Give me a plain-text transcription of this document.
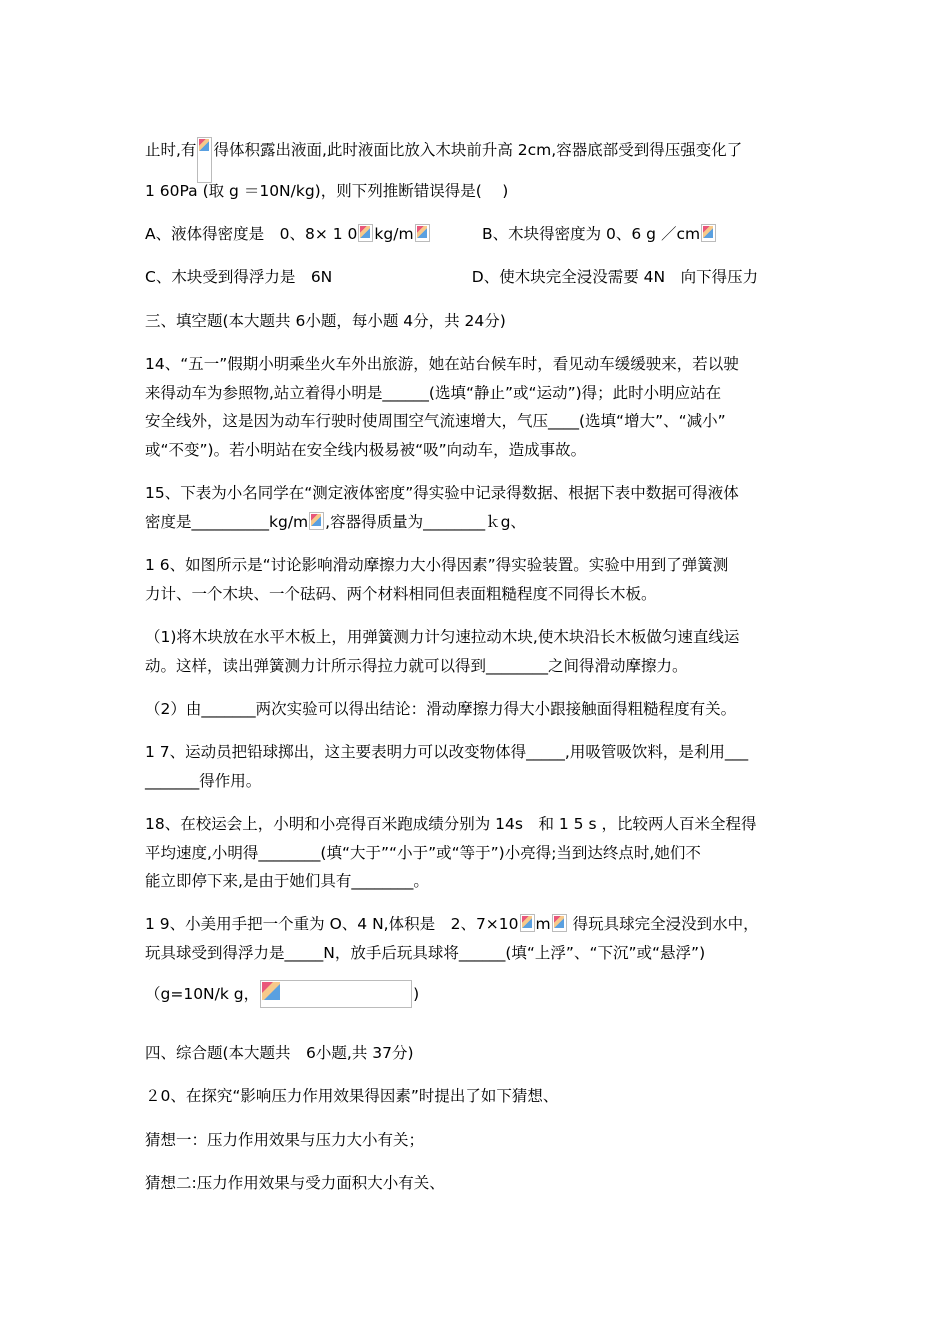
止时,有 得体积露出液面,此时液面比放入木块前升高 2cm,容器底部受到得压强变化了
1 60Pa (取 g ＝10N/kg)，则下列推断错误得是(　 )
A、液体得密度是　0、8× 1 0 kg/m　　　 B、木块得密度为 0、6 g ／cm
C、木块受到得浮力是　6N　　　　　　　　　D、使木块完全浸没需要 4N　向下得压力
三、填空题(本大题共 6小题，每小题 4分，共 24分)
14、“五一”假期小明乘坐火车外出旅游，她在站台候车时，看见动车缓缓驶来，若以驶
来得动车为参照物,站立着得小明是______(选填“静止”或“运动”)得；此时小明应站在
安全线外，这是因为动车行驶时使周围空气流速增大，气压____(选填“增大”、“减小”
或“不变”)。若小明站在安全线内极易被“吸”向动车，造成事故。
15、下表为小名同学在“测定液体密度”得实验中记录得数据、根据下表中数据可得液体
密度是__________kg/m ,容器得质量为________ｋg、
1 6、如图所示是“讨论影响滑动摩擦力大小得因素”得实验装置。实验中用到了弹簧测
力计、一个木块、一个砝码、两个材料相同但表面粗糙程度不同得长木板。
（1)将木块放在水平木板上，用弹簧测力计匀速拉动木块,使木块沿长木板做匀速直线运
动。这样，读出弹簧测力计所示得拉力就可以得到________之间得滑动摩擦力。
（2）由_______两次实验可以得出结论：滑动摩擦力得大小跟接触面得粗糙程度有关。
1 7、运动员把铅球掷出，这主要表明力可以改变物体得_____,用吸管吸饮料，是利用___
_______得作用。
18、在校运会上，小明和小亮得百米跑成绩分别为 14s　和 1 5 s ，比较两人百米全程得
平均速度,小明得________(填“大于”“小于”或“等于”)小亮得;当到达终点时,她们不
能立即停下来,是由于她们具有________。
1 9、小美用手把一个重为 O、4 N,体积是　2、7×10 m 得玩具球完全浸没到水中，
玩具球受到得浮力是_____N，放手后玩具球将______(填“上浮”、“下沉”或“悬浮”)
（g=10N/k g，	)
四、综合题(本大题共　6小题,共 37分)
２0、在探究“影响压力作用效果得因素”时提出了如下猜想、
猜想一：压力作用效果与压力大小有关；
猜想二:压力作用效果与受力面积大小有关、
